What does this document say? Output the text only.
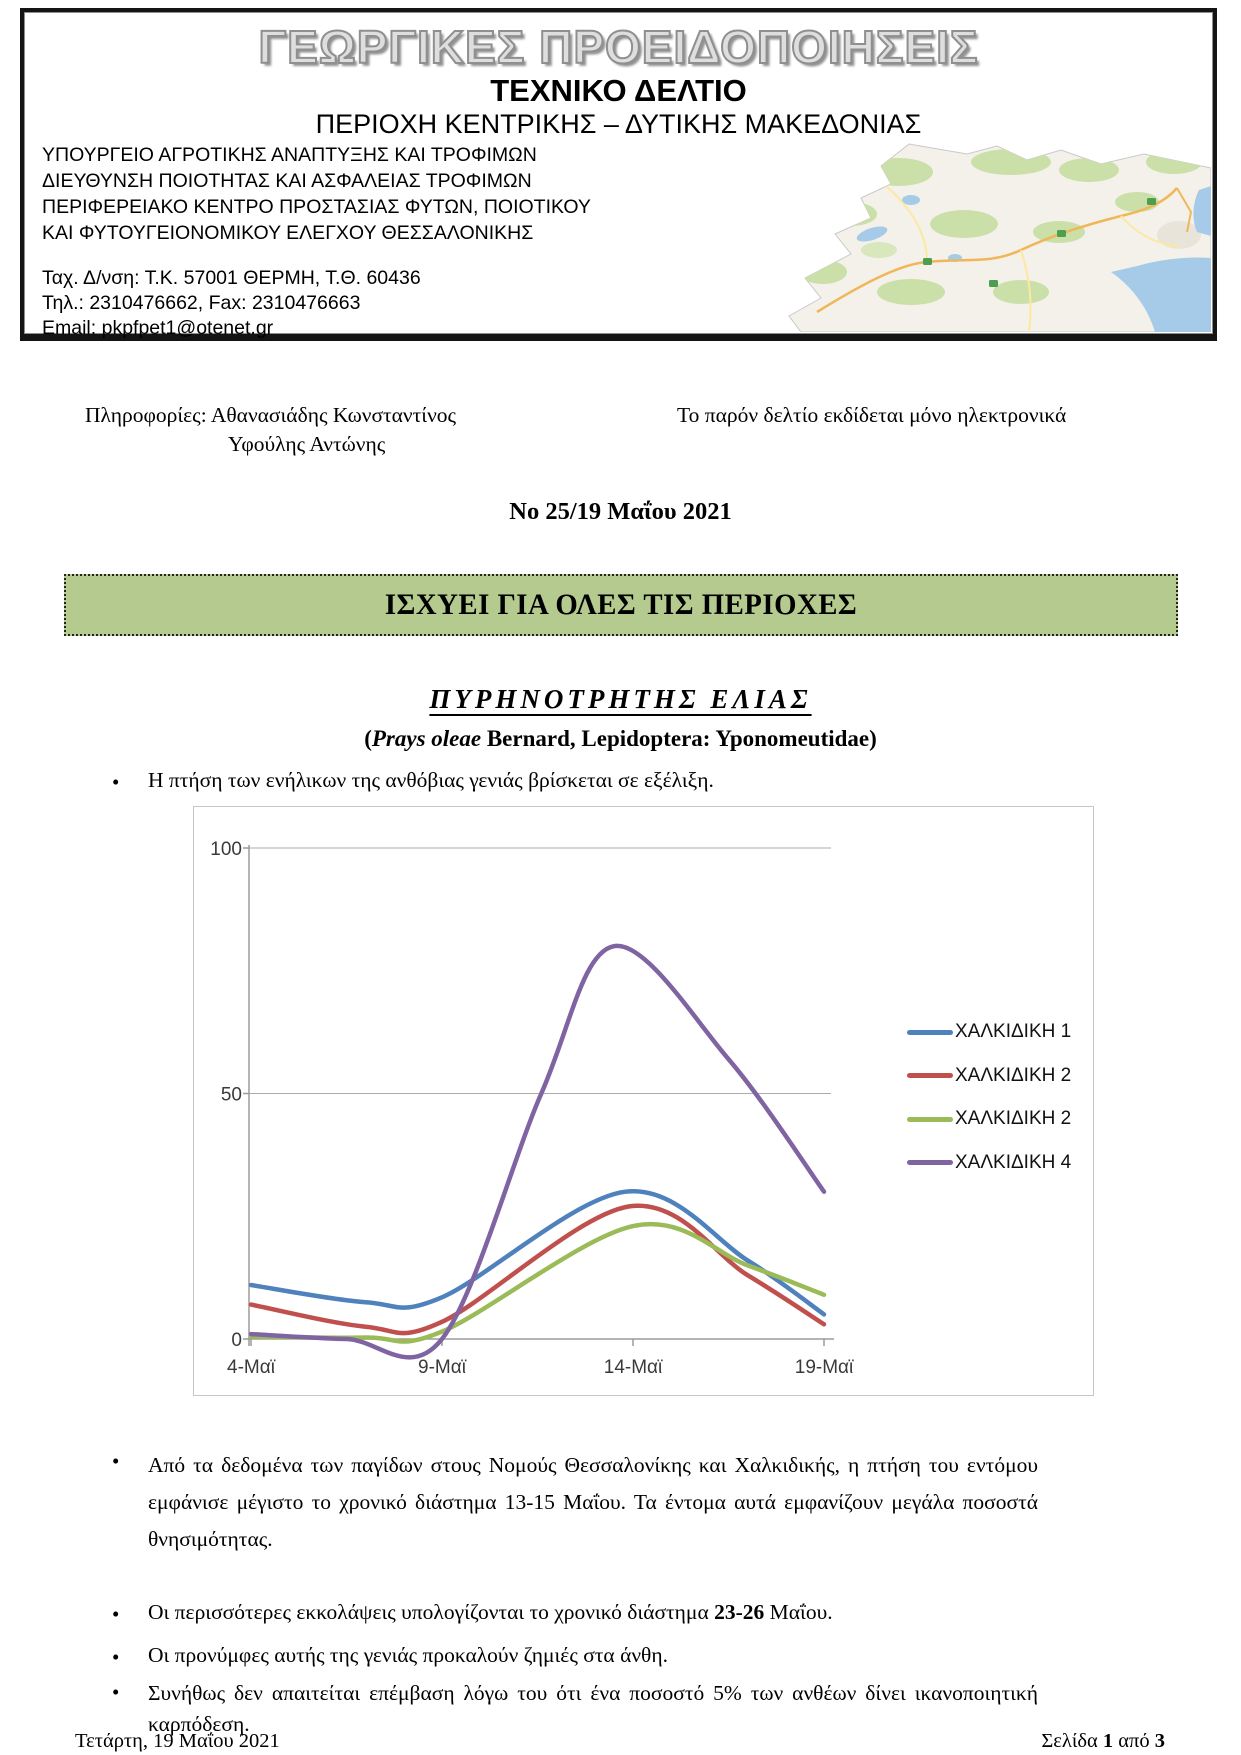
ΓΕΩΡΓΙΚΕΣ ΠΡΟΕΙΔΟΠΟΙΗΣΕΙΣ
ΤΕΧΝΙΚΟ ΔΕΛΤΙΟ
ΠΕΡΙΟΧΗ ΚΕΝΤΡΙΚΗΣ – ΔΥΤΙΚΗΣ ΜΑΚΕΔΟΝΙΑΣ
ΥΠΟΥΡΓΕΙΟ ΑΓΡΟΤΙΚΗΣ ΑΝΑΠΤΥΞΗΣ ΚΑΙ ΤΡΟΦΙΜΩΝ
ΔΙΕΥΘΥΝΣΗ ΠΟΙΟΤΗΤΑΣ ΚΑΙ ΑΣΦΑΛΕΙΑΣ ΤΡΟΦΙΜΩΝ
ΠΕΡΙΦΕΡΕΙΑΚΟ ΚΕΝΤΡΟ ΠΡΟΣΤΑΣΙΑΣ ΦΥΤΩΝ, ΠΟΙΟΤΙΚΟΥ
ΚΑΙ ΦΥΤΟΥΓΕΙΟΝΟΜΙΚΟΥ ΕΛΕΓΧΟΥ ΘΕΣΣΑΛΟΝΙΚΗΣ
Ταχ. Δ/νση: Τ.Κ. 57001 ΘΕΡΜΗ, Τ.Θ. 60436
Τηλ.: 2310476662, Fax: 2310476663
Email: pkpfpet1@otenet.gr
Πληροφορίες: Αθανασιάδης Κωνσταντίνος
Υφούλης Αντώνης
Το παρόν δελτίο εκδίδεται μόνο ηλεκτρονικά
No 25/19 Μαΐου 2021
ΙΣΧΥΕΙ ΓΙΑ ΟΛΕΣ ΤΙΣ ΠΕΡΙΟΧΕΣ
ΠΥΡΗΝΟΤΡΗΤΗΣ ΕΛΙΑΣ
(Prays oleae Bernard, Lepidoptera: Yponomeutidae)
• Η πτήση των ενήλικων της ανθόβιας γενιάς βρίσκεται σε εξέλιξη.
0
50
100
4-Μαϊ	9-Μαϊ	14-Μαϊ	19-Μαϊ
ΧΑΛΚΙΔΙΚΗ 1
ΧΑΛΚΙΔΙΚΗ 2
ΧΑΛΚΙΔΙΚΗ 2
ΧΑΛΚΙΔΙΚΗ 4
• Από τα δεδομένα των παγίδων στους Νομούς Θεσσαλονίκης και Χαλκιδικής, η πτήση του εντόμου εμφάνισε μέγιστο το χρονικό διάστημα 13-15 Μαΐου. Τα έντομα αυτά εμφανίζουν μεγάλα ποσοστά θνησιμότητας.
• Οι περισσότερες εκκολάψεις υπολογίζονται το χρονικό διάστημα 23-26 Μαΐου.
• Οι προνύμφες αυτής της γενιάς προκαλούν ζημιές στα άνθη.
• Συνήθως δεν απαιτείται επέμβαση λόγω του ότι ένα ποσοστό 5% των ανθέων δίνει ικανοποιητική καρπόδεση.
Τετάρτη, 19 Μαΐου 2021	Σελίδα 1 από 3
